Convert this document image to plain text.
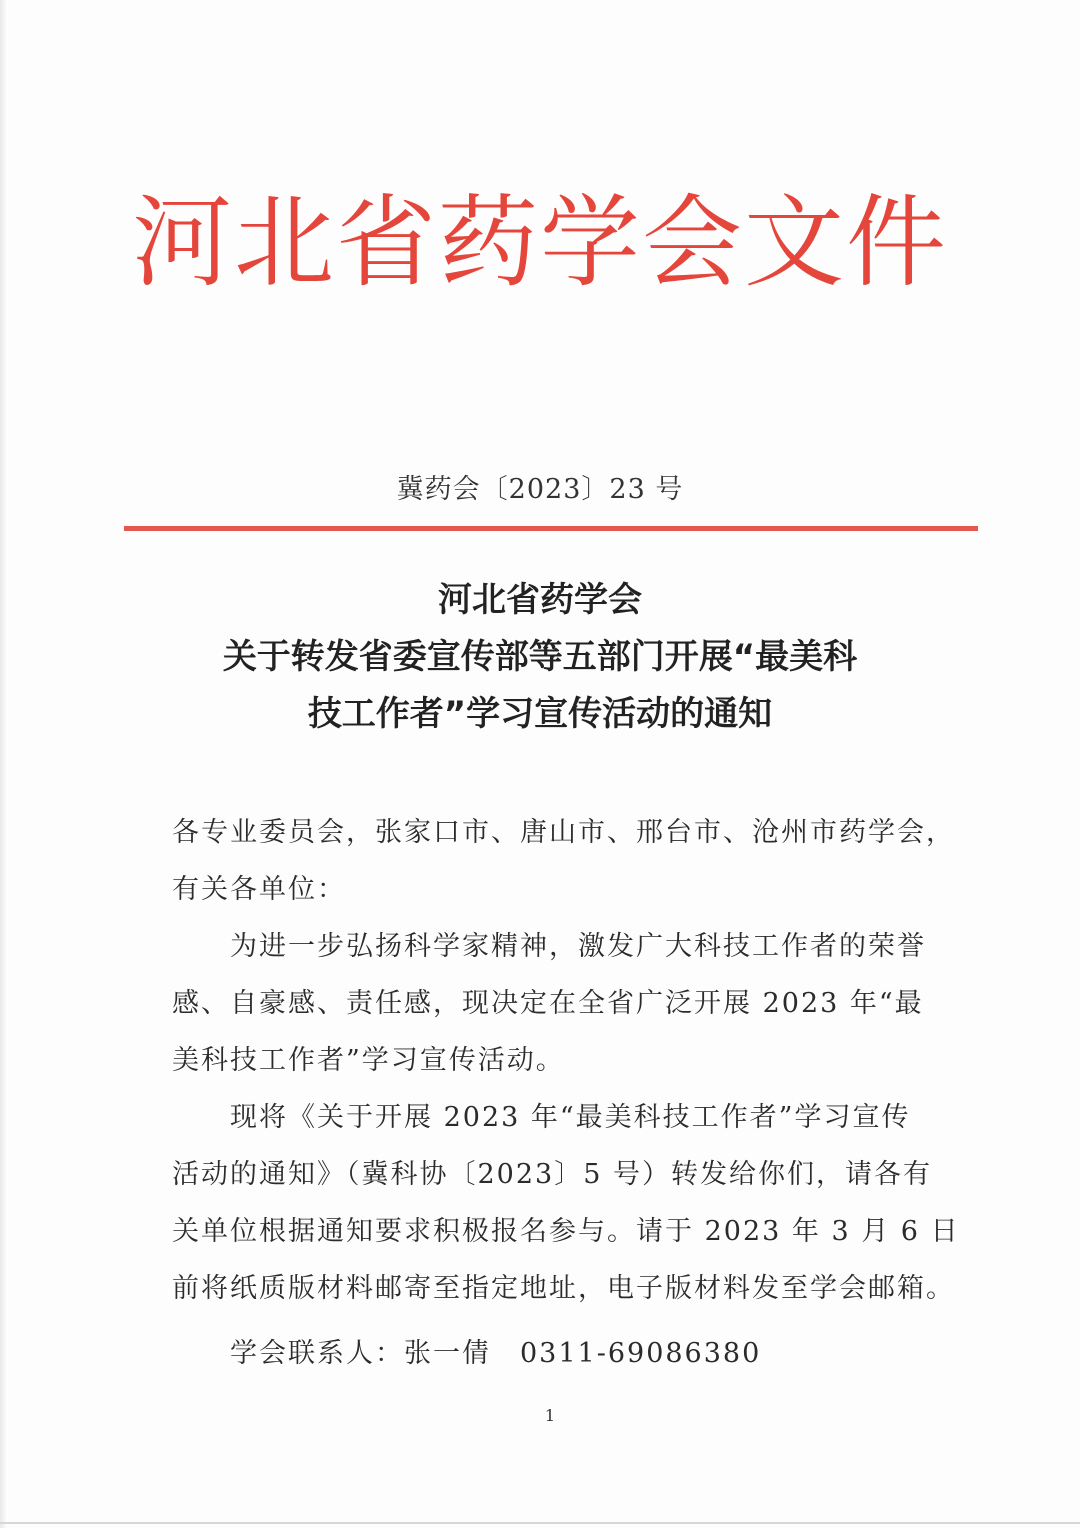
河北省药学会文件
冀药会〔2023〕23 号
河北省药学会
关于转发省委宣传部等五部门开展“最美科
技工作者”学习宣传活动的通知
各专业委员会，张家口市、唐山市、邢台市、沧州市药学会，
有关各单位：
为进一步弘扬科学家精神，激发广大科技工作者的荣誉
感、自豪感、责任感，现决定在全省广泛开展 2023 年“最
美科技工作者”学习宣传活动。
现将《关于开展 2023 年“最美科技工作者”学习宣传
活动的通知》（冀科协〔2023〕5 号）转发给你们，请各有
关单位根据通知要求积极报名参与。请于 2023 年 3 月 6 日
前将纸质版材料邮寄至指定地址，电子版材料发至学会邮箱。
学会联系人：张一倩　0311-69086380
1
